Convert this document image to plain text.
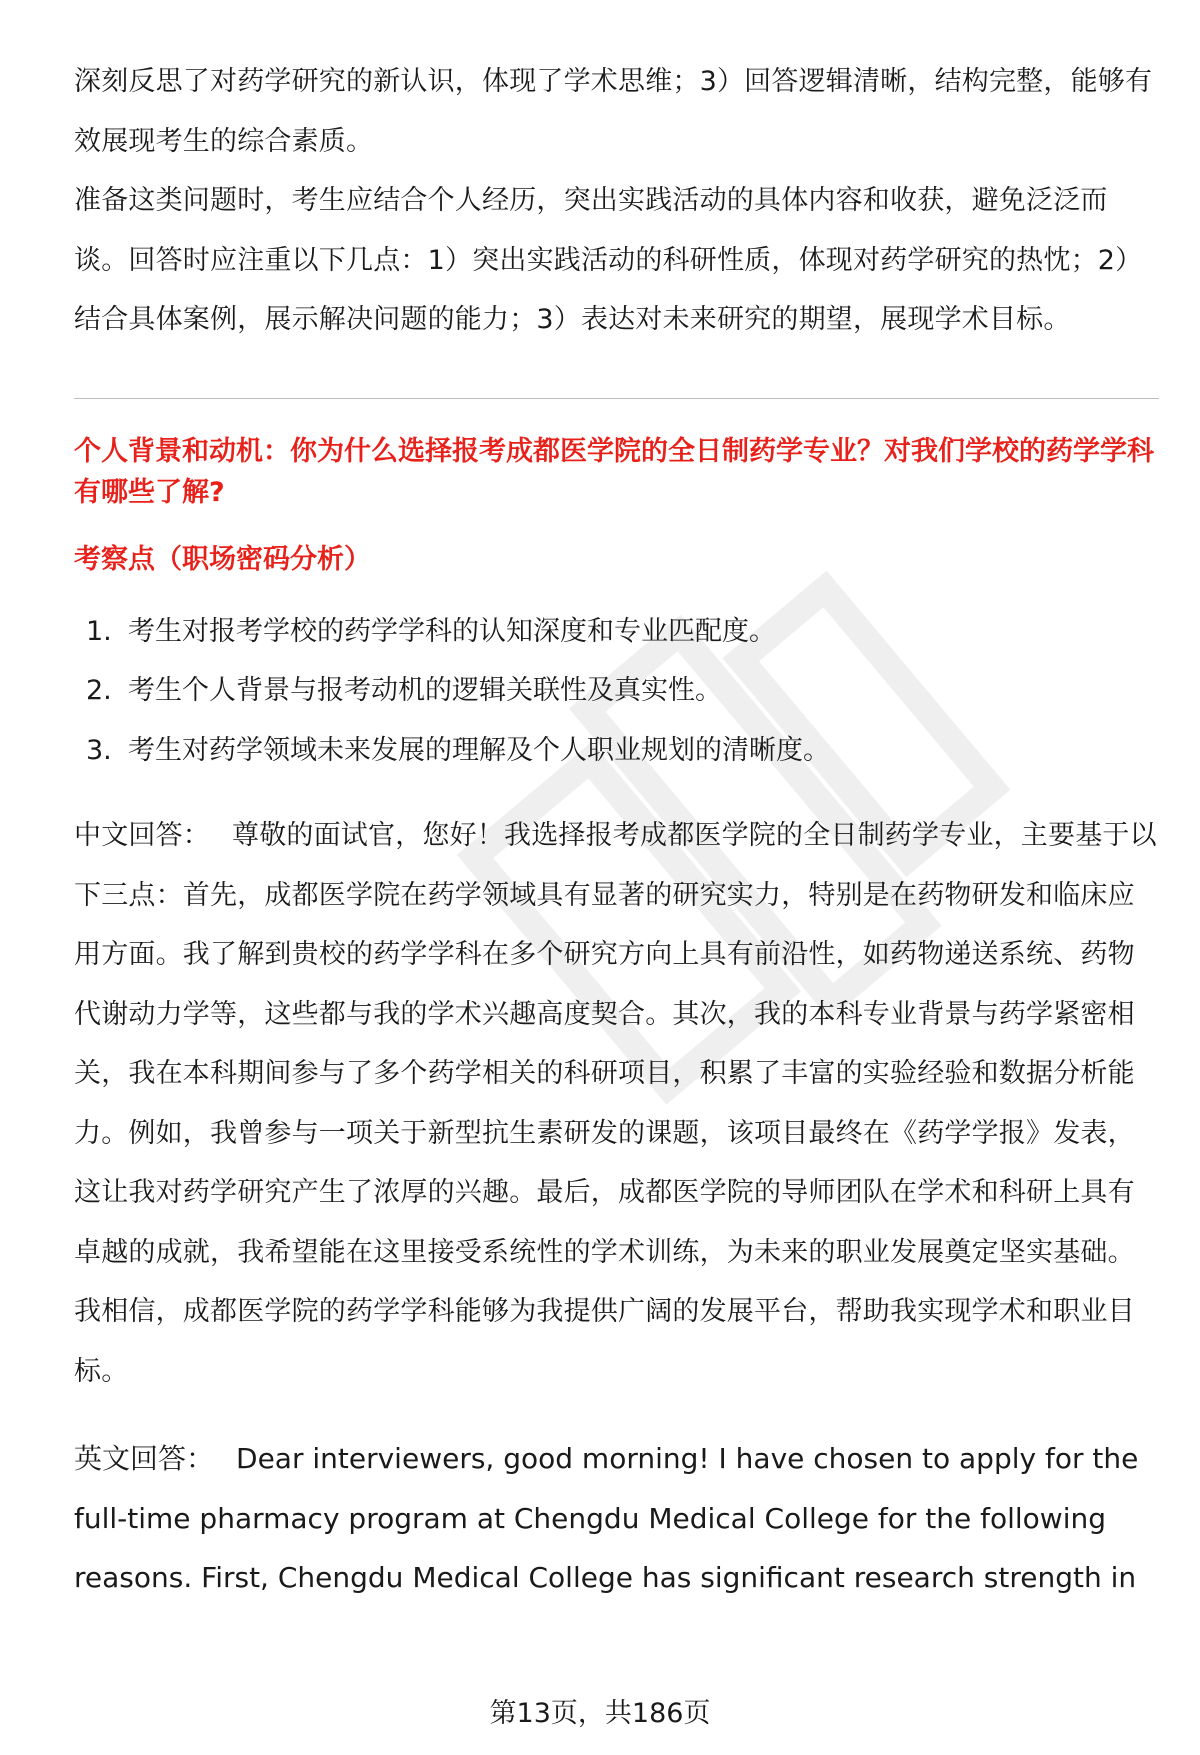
深刻反思了对药学研究的新认识，体现了学术思维；3）回答逻辑清晰，结构完整，能够有效展现考生的综合素质。

准备这类问题时，考生应结合个人经历，突出实践活动的具体内容和收获，避免泛泛而谈。回答时应注重以下几点：1）突出实践活动的科研性质，体现对药学研究的热忱；2）结合具体案例，展示解决问题的能力；3）表达对未来研究的期望，展现学术目标。

个人背景和动机：你为什么选择报考成都医学院的全日制药学专业？对我们学校的药学学科有哪些了解?
考察点（职场密码分析）
1. 考生对报考学校的药学学科的认知深度和专业匹配度。
2. 考生个人背景与报考动机的逻辑关联性及真实性。
3. 考生对药学领域未来发展的理解及个人职业规划的清晰度。

中文回答： 尊敬的面试官，您好！我选择报考成都医学院的全日制药学专业，主要基于以下三点：首先，成都医学院在药学领域具有显著的研究实力，特别是在药物研发和临床应用方面。我了解到贵校的药学学科在多个研究方向上具有前沿性，如药物递送系统、药物代谢动力学等，这些都与我的学术兴趣高度契合。其次，我的本科专业背景与药学紧密相关，我在本科期间参与了多个药学相关的科研项目，积累了丰富的实验经验和数据分析能力。例如，我曾参与一项关于新型抗生素研发的课题，该项目最终在《药学学报》发表，这让我对药学研究产生了浓厚的兴趣。最后，成都医学院的导师团队在学术和科研上具有卓越的成就，我希望能在这里接受系统性的学术训练，为未来的职业发展奠定坚实基础。我相信，成都医学院的药学学科能够为我提供广阔的发展平台，帮助我实现学术和职业目标。

英文回答： Dear interviewers, good morning! I have chosen to apply for the full-time pharmacy program at Chengdu Medical College for the following reasons. First, Chengdu Medical College has significant research strength in

第13页，共186页
